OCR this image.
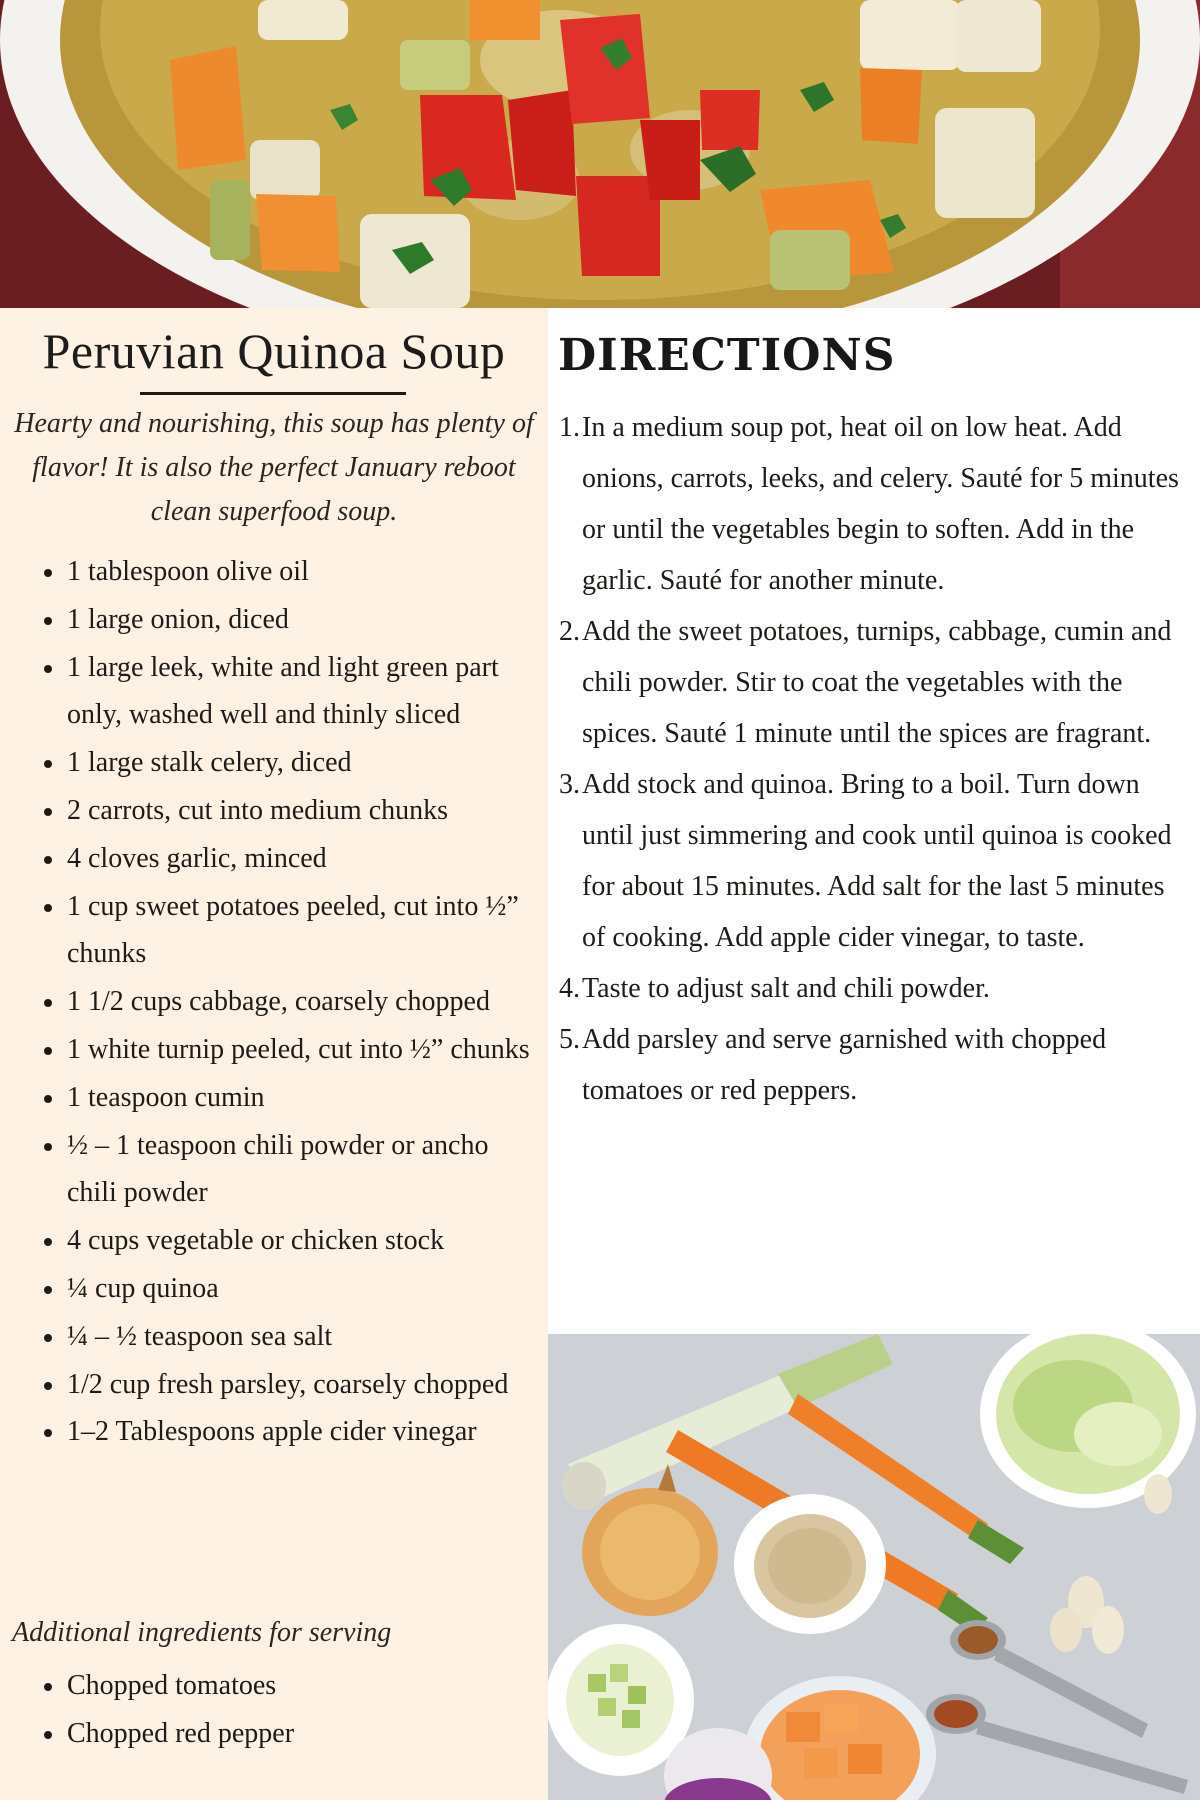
Peruvian Quinoa Soup
Hearty and nourishing, this soup has plenty of flavor! It is also the perfect January reboot clean superfood soup.
1 tablespoon olive oil
1 large onion, diced
1 large leek, white and light green part only, washed well and thinly sliced
1 large stalk celery, diced
2 carrots, cut into medium chunks
4 cloves garlic, minced
1 cup sweet potatoes peeled, cut into ½” chunks
1 1/2 cups cabbage, coarsely chopped
1 white turnip peeled, cut into ½” chunks
1 teaspoon cumin
½ – 1 teaspoon chili powder or ancho chili powder
4 cups vegetable or chicken stock
¼ cup quinoa
¼ – ½ teaspoon sea salt
1/2 cup fresh parsley, coarsely chopped
1–2 Tablespoons apple cider vinegar
Additional ingredients for serving
Chopped tomatoes
Chopped red pepper
DIRECTIONS
1. In a medium soup pot, heat oil on low heat. Add onions, carrots, leeks, and celery. Sauté for 5 minutes or until the vegetables begin to soften. Add in the garlic. Sauté for another minute.
2. Add the sweet potatoes, turnips, cabbage, cumin and chili powder. Stir to coat the vegetables with the spices. Sauté 1 minute until the spices are fragrant.
3. Add stock and quinoa. Bring to a boil. Turn down until just simmering and cook until quinoa is cooked for about 15 minutes. Add salt for the last 5 minutes of cooking. Add apple cider vinegar, to taste.
4. Taste to adjust salt and chili powder.
5. Add parsley and serve garnished with chopped tomatoes or red peppers.
